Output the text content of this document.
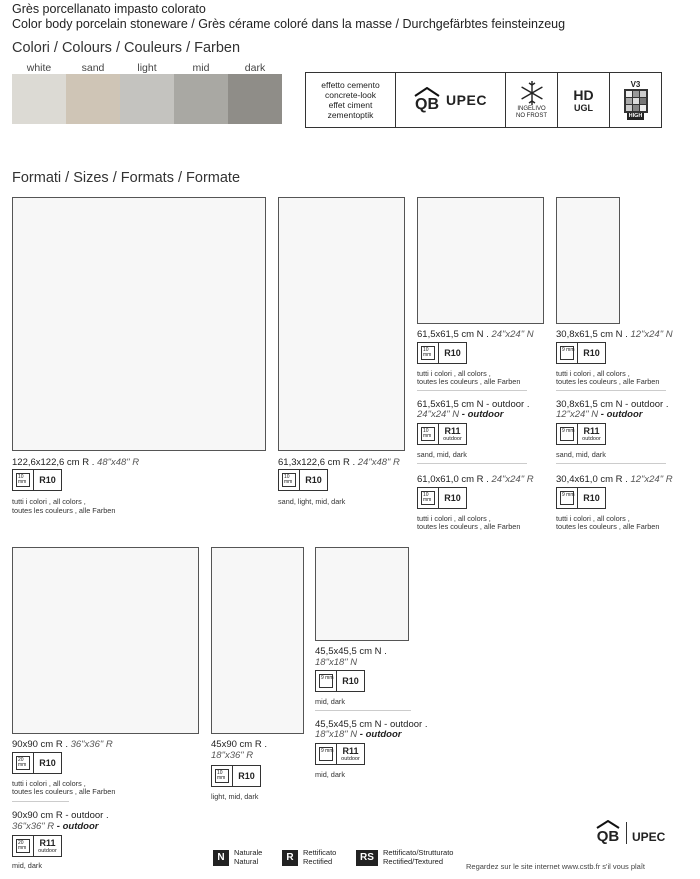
Grès porcellanato impasto colorato
Color body porcelain stoneware / Grès cérame coloré dans la masse / Durchgefärbtes feinsteinzeug
Colori / Colours / Couleurs / Farben
white	sand	light	mid	dark
effetto cemento
concrete-look
effet ciment
zementoptik
QB UPEC
INGELIVO
NO FROST
HD
UGL
V3
HIGH
Formati / Sizes / Formats / Formate
122,6x122,6 cm R . 48"x48" R
10 mm	R10
tutti i colori , all colors ,
toutes les couleurs , alle Farben
61,3x122,6 cm R . 24"x48" R
10 mm	R10
sand, light, mid, dark
61,5x61,5 cm N . 24"x24" N
10 mm	R10
tutti i colori , all colors ,
toutes les couleurs , alle Farben
61,5x61,5 cm N - outdoor .
24"x24" N - outdoor
10 mm
R11
outdoor
sand, mid, dark
61,0x61,0 cm R . 24"x24" R
10 mm	R10
tutti i colori , all colors ,
toutes les couleurs , alle Farben
30,8x61,5 cm N . 12"x24" N
9 mm R10
tutti i colori , all colors ,
toutes les couleurs , alle Farben
30,8x61,5 cm N - outdoor .
12"x24" N - outdoor
9 mm R11
outdoor
sand, mid, dark
30,4x61,0 cm R . 12"x24" R
9 mm R10
tutti i colori , all colors ,
toutes les couleurs , alle Farben
90x90 cm R . 36"x36" R
20 mm	R10
tutti i colori , all colors ,
toutes les couleurs , alle Farben
90x90 cm R - outdoor .
36"x36" R - outdoor
20 mm
R11
outdoor
mid, dark
45x90 cm R .
18"x36" R
10 mm	R10
light, mid, dark
45,5x45,5 cm N .
18"x18" N
9 mm R10
mid, dark
45,5x45,5 cm N - outdoor .
18"x18" N - outdoor
9 mm R11
outdoor
mid, dark
N	Naturale
Natural	R	Rettificato
Rectified	RS	Rettificato/Strutturato
Rectified/Textured
QB UPEC
Regardez sur le site internet www.cstb.fr s'il vous plaît
